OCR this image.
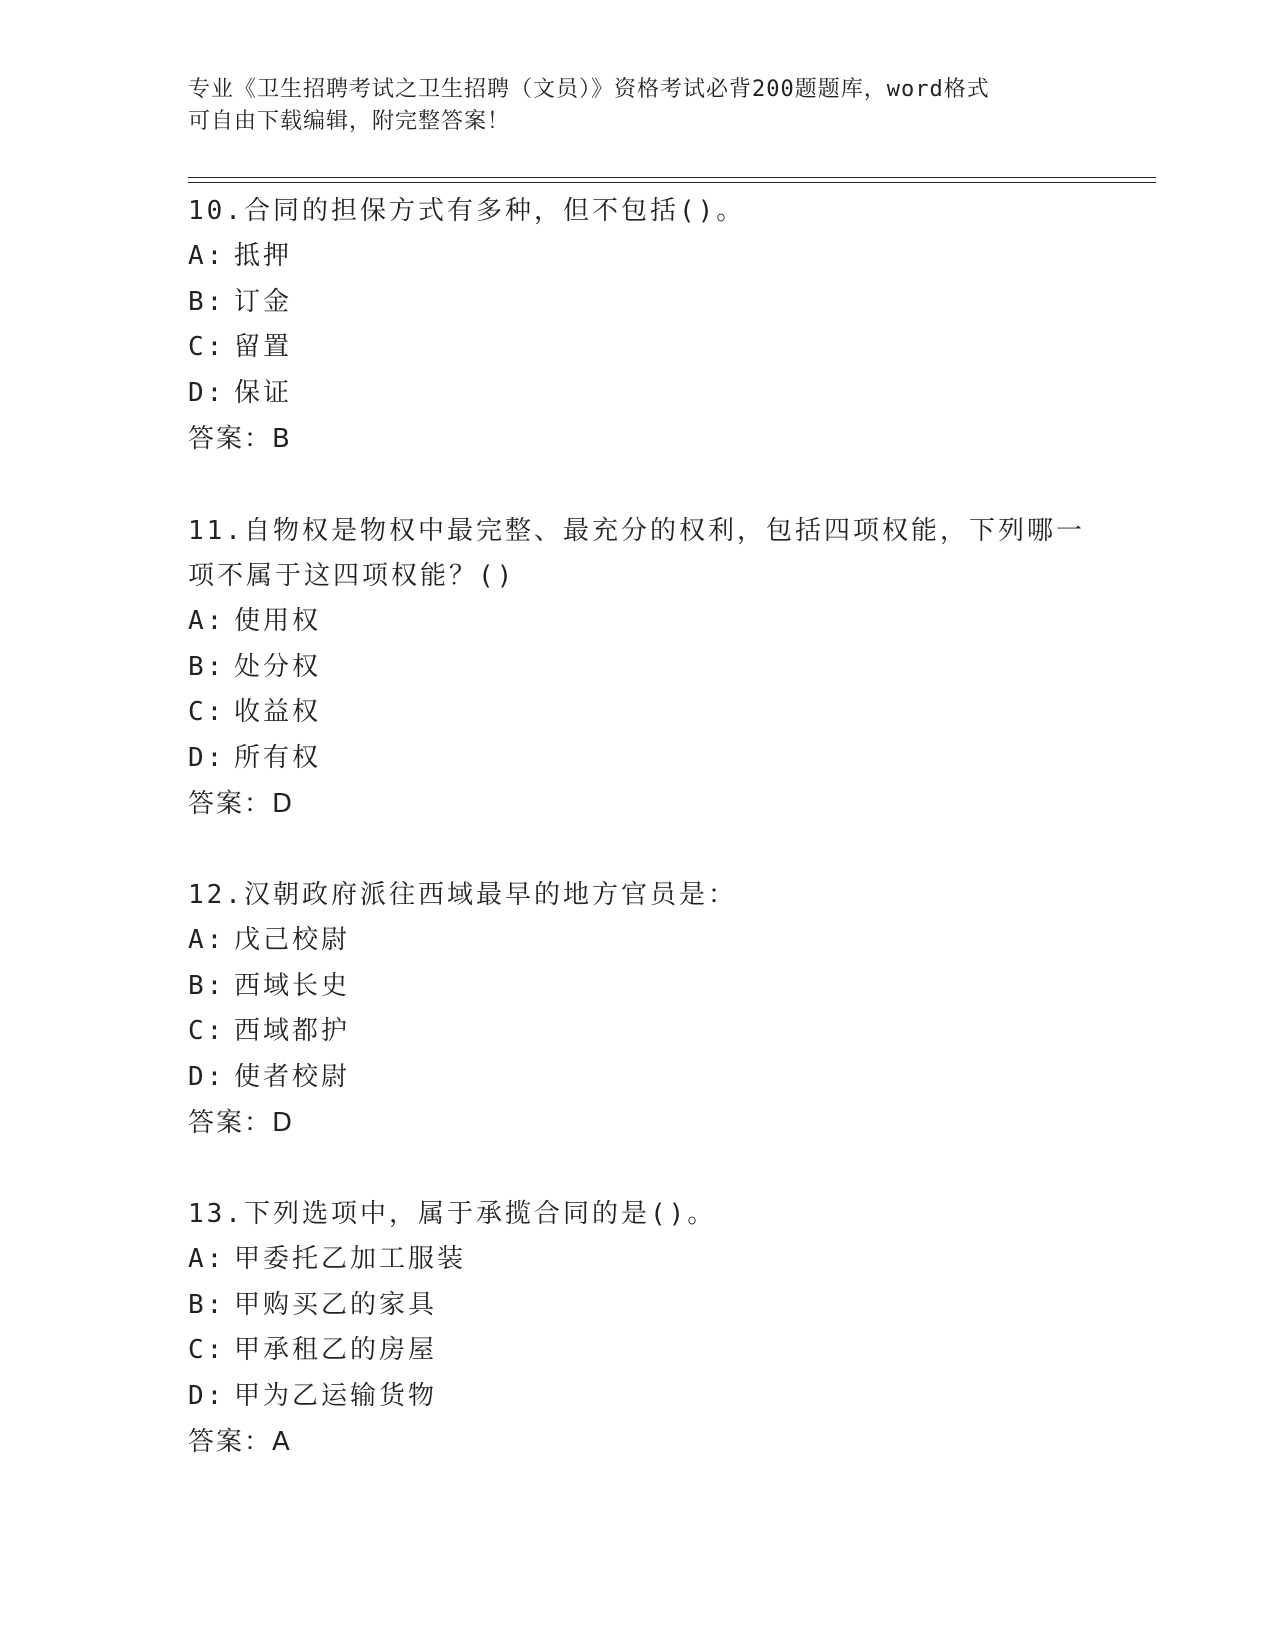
专业《卫生招聘考试之卫生招聘（文员）》资格考试必背200题题库，word格式
可自由下载编辑，附完整答案！
10.合同的担保方式有多种，但不包括()。
A: 抵押
B: 订金
C: 留置
D: 保证
答案：B
11.自物权是物权中最完整、最充分的权利，包括四项权能，下列哪一
项不属于这四项权能？()
A: 使用权
B: 处分权
C: 收益权
D: 所有权
答案：D
12.汉朝政府派往西域最早的地方官员是：
A: 戊己校尉
B: 西域长史
C: 西域都护
D: 使者校尉
答案：D
13.下列选项中，属于承揽合同的是()。
A: 甲委托乙加工服装
B: 甲购买乙的家具
C: 甲承租乙的房屋
D: 甲为乙运输货物
答案：A
